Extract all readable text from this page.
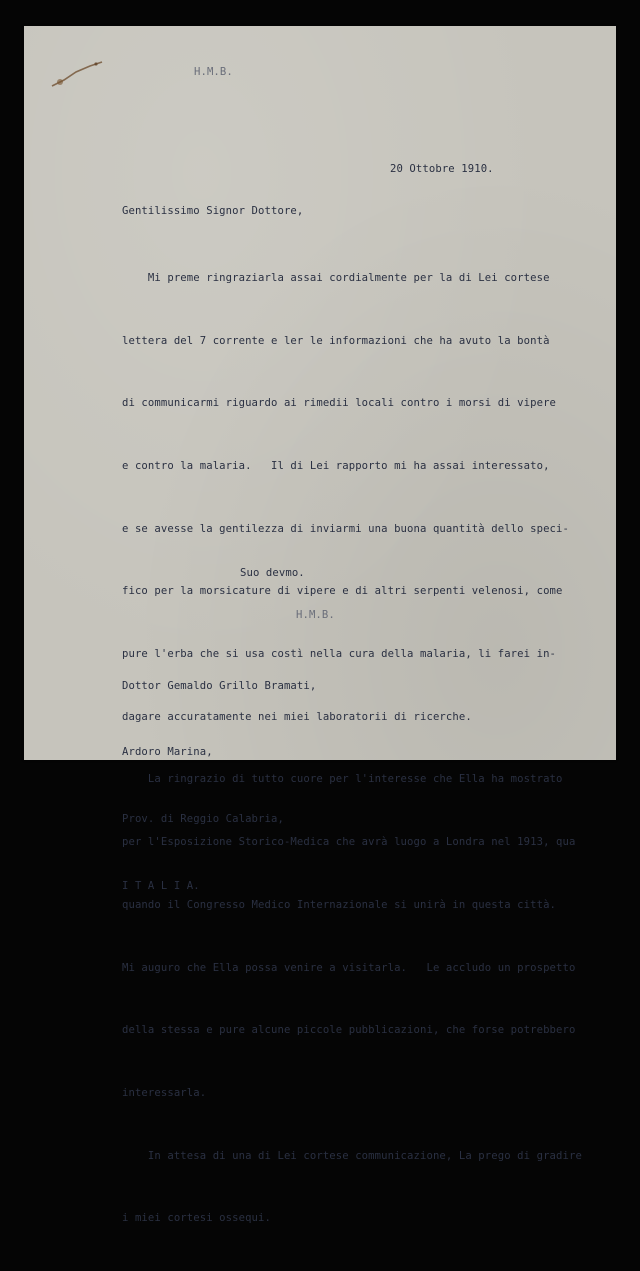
H.M.B.
20 Ottobre 1910.
Gentilissimo Signor Dottore,

Mi preme ringraziarla assai cordialmente per la di Lei cortese

lettera del 7 corrente e ler le informazioni che ha avuto la bontà

di communicarmi riguardo ai rimedii locali contro i morsi di vipere

e contro la malaria.   Il di Lei rapporto mi ha assai interessato,

e se avesse la gentilezza di inviarmi una buona quantità dello speci-

fico per la morsicature di vipere e di altri serpenti velenosi, come

pure l'erba che si usa costì nella cura della malaria, li farei in-

dagare accuratamente nei miei laboratorii di ricerche.

La ringrazio di tutto cuore per l'interesse che Ella ha mostrato

per l'Esposizione Storico-Medica che avrà luogo a Londra nel 1913, qua

quando il Congresso Medico Internazionale si unirà in questa città.

Mi auguro che Ella possa venire a visitarla.   Le accludo un prospetto

della stessa e pure alcune piccole pubblicazioni, che forse potrebbero

interessarla.

In attesa di una di Lei cortese communicazione, La prego di gradire

i miei cortesi ossequi.

Suo devmo.
H.M.B.

Dottor Gemaldo Grillo Bramati,

Ardoro Marina,

Prov. di Reggio Calabria,

I T A L I A.
